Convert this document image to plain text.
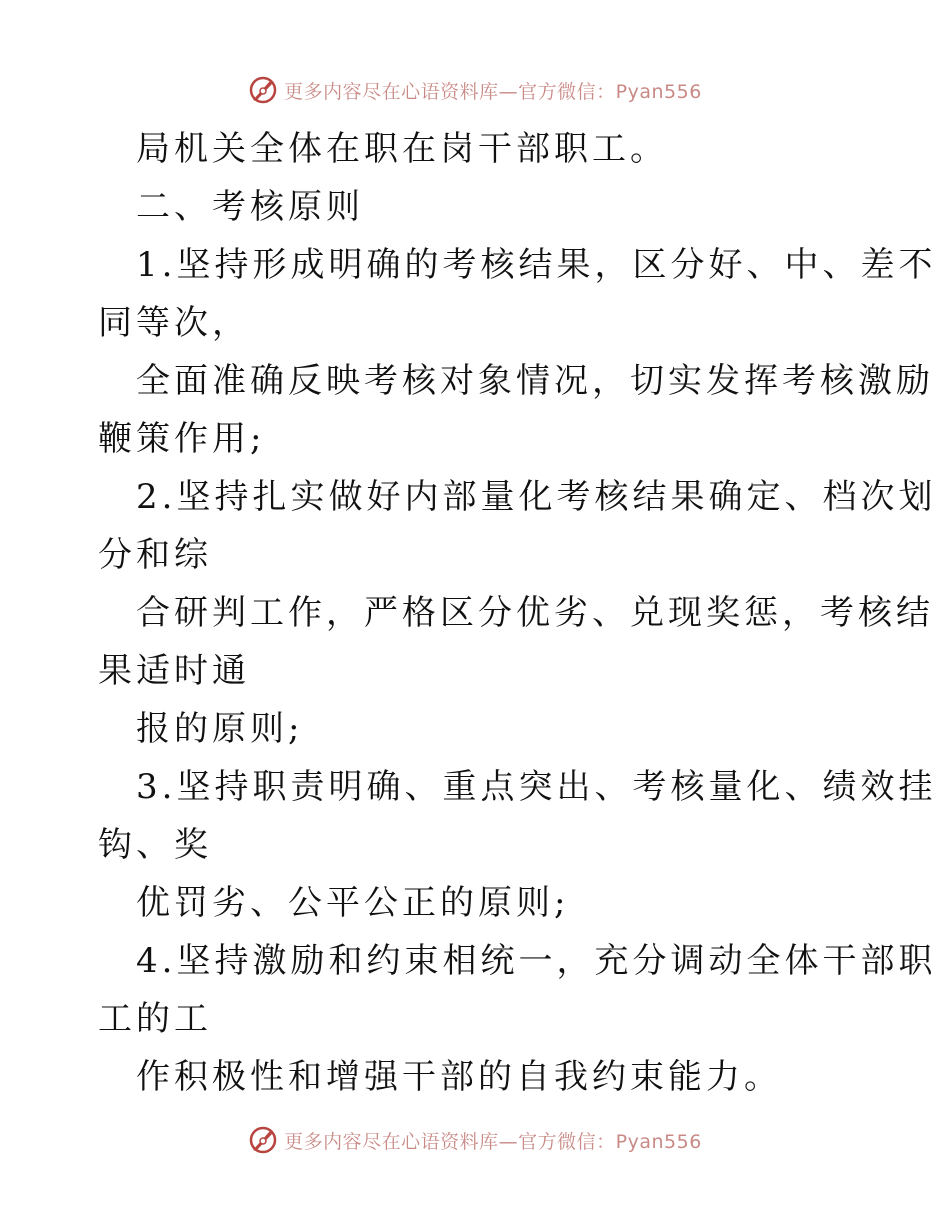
更多内容尽在心语资料库—官方微信：Pyan556
局机关全体在职在岗干部职工。
二、考核原则
1.坚持形成明确的考核结果，区分好、中、差不
同等次，
全面准确反映考核对象情况，切实发挥考核激励
鞭策作用;
2.坚持扎实做好内部量化考核结果确定、档次划
分和综
合研判工作，严格区分优劣、兑现奖惩，考核结
果适时通
报的原则;
3.坚持职责明确、重点突出、考核量化、绩效挂
钩、奖
优罚劣、公平公正的原则;
4.坚持激励和约束相统一，充分调动全体干部职
工的工
作积极性和增强干部的自我约束能力。
更多内容尽在心语资料库—官方微信：Pyan556
